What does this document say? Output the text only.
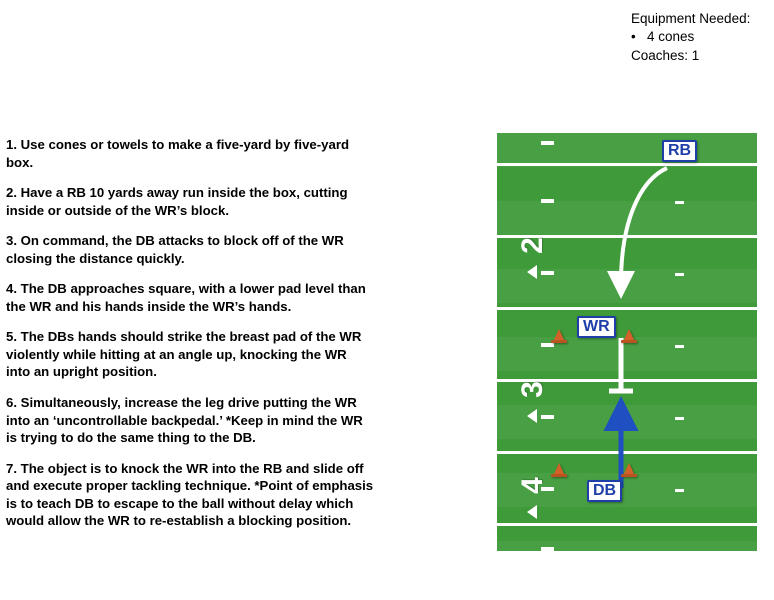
Equipment Needed:
• 4 cones
Coaches: 1
1. Use cones or towels to make a five-yard by five-yard box.
2. Have a RB 10 yards away run inside the box, cutting inside or outside of the WR’s block.
3. On command, the DB attacks to block off of the WR closing the distance quickly.
4. The DB approaches square, with a lower pad level than the WR and his hands inside the WR’s hands.
5. The DBs hands should strike the breast pad of the WR violently while hitting at an angle up, knocking the WR into an upright position.
6. Simultaneously, increase the leg drive putting the WR into an ‘uncontrollable backpedal.’ *Keep in mind the WR is trying to do the same thing to the DB.
7. The object is to knock the WR into the RB and slide off and execute proper tackling technique. *Point of emphasis is to teach DB to escape to the ball without delay which would allow the WR to re-establish a blocking position.
2
3
4
RB
WR
DB
